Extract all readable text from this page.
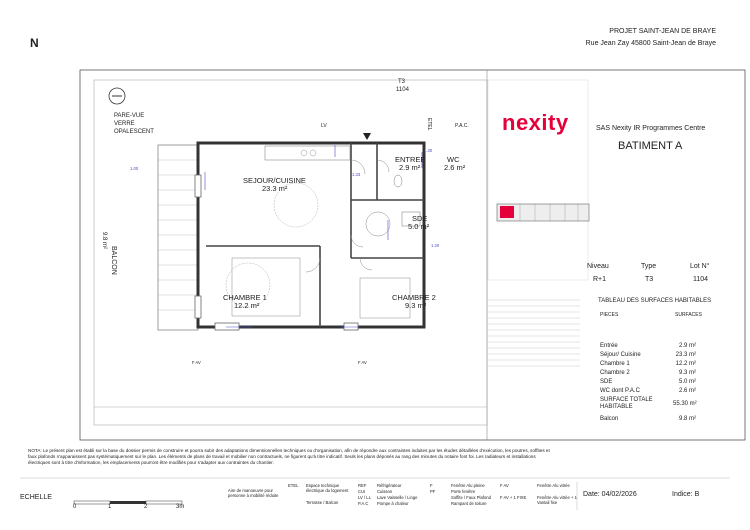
N
PROJET SAINT-JEAN DE BRAYE
Rue Jean Zay 45800 Saint-Jean de Braye
T3
1104
nexity	SAS Nexity IR Programmes Centre
BATIMENT A
Niveau	Type	Lot N°
R+1	T3	1104
TABLEAU DES SURFACES HABITABLES
PIECES	SURFACES
Entrée	2.9 m²
Séjour/ Cuisine	23.3 m²
Chambre 1	12.2 m²
Chambre 2	9.3 m²
SDE	5.0 m²
WC dont P.A.C	2.6 m²
SURFACE TOTALE
HABITABLE	55.30 m²
Balcon	9.8 m²
SEJOUR/CUISINE
23.3 m²
ENTREE
2.9 m²
WC
2.6 m²
SDE
5.0 m²
CHAMBRE 1
12.2 m²
CHAMBRE 2
9.3 m²
BALCON
9.8 m²
PARE-VUE
VERRE
OPALESCENT
LV	ETEL	P.A.C.
F AV	F AV
1.30
1.00
1.33
1.20
NOTA: Le présent plan est établi sur la base du dossier permis de construire et pourra subir des adaptations dimensionnelles techniques ou d'organisation, afin de répondre aux contraintes induites par les études détaillées d'exécution, les poutres, soffites et faux plafonds n'apparaissent pas systématiquement sur le plan. Les éléments de plans de travail et mobilier non contractuels, ne figurent qu'à titre indicatif. Seuls les plans déposés au rang des minutes du notaire font foi. Les radiateurs et installations électriques sont à titre d'information, les emplacements pourront être modifiés pour s'adapter aux contraintes du chantier.
ECHELLE
0	1	2	3m
Aire de manoeuvre pour personne à mobilité réduite
ETEL Espace technique électrique du logement
Terrasse / Balcon
REF	Réfrigérateur
CUI	Cuisson
LV / LL Lave Vaisselle / Linge
P.A.C Pompe à chaleur
F
PF
Fenêtre Alu pleine
Porte fenêtre
Soffite / Faux Plafond
Rampant de toiture
F AV
F AV + 1 FIXE
Fenêtre Alu vitrée
Fenêtre Alu vitrée + 1 Vantail fixe
Date: 04/02/2026	Indice: B
